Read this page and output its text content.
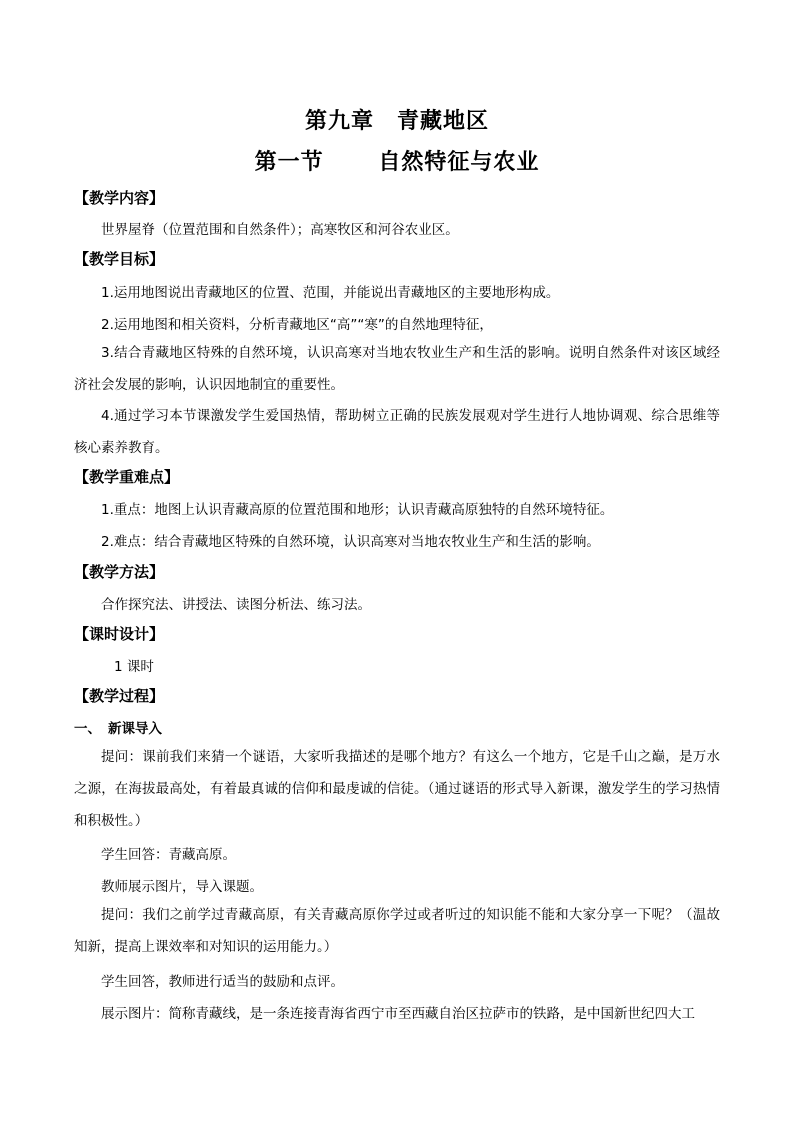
第九章　青藏地区
第一节　　 自然特征与农业
【教学内容】
世界屋脊（位置范围和自然条件）；高寒牧区和河谷农业区。
【教学目标】
1.运用地图说出青藏地区的位置、范围，并能说出青藏地区的主要地形构成。
2.运用地图和相关资料，分析青藏地区“高”“寒”的自然地理特征，
3.结合青藏地区特殊的自然环境，认识高寒对当地农牧业生产和生活的影响。说明自然条件对该区域经济社会发展的影响，认识因地制宜的重要性。
4.通过学习本节课激发学生爱国热情，帮助树立正确的民族发展观对学生进行人地协调观、综合思维等核心素养教育。
【教学重难点】
1.重点：地图上认识青藏高原的位置范围和地形；认识青藏高原独特的自然环境特征。
2.难点：结合青藏地区特殊的自然环境，认识高寒对当地农牧业生产和生活的影响。
【教学方法】
合作探究法、讲授法、读图分析法、练习法。
【课时设计】
1 课时
【教学过程】
一、 新课导入
提问：课前我们来猜一个谜语，大家听我描述的是哪个地方？有这么一个地方，它是千山之巅，是万水之源，在海拔最高处，有着最真诚的信仰和最虔诚的信徒。（通过谜语的形式导入新课，激发学生的学习热情和积极性。）
学生回答：青藏高原。
教师展示图片，导入课题。
提问：我们之前学过青藏高原，有关青藏高原你学过或者听过的知识能不能和大家分享一下呢？（温故知新，提高上课效率和对知识的运用能力。）
学生回答，教师进行适当的鼓励和点评。
展示图片：简称青藏线，是一条连接青海省西宁市至西藏自治区拉萨市的铁路，是中国新世纪四大工
